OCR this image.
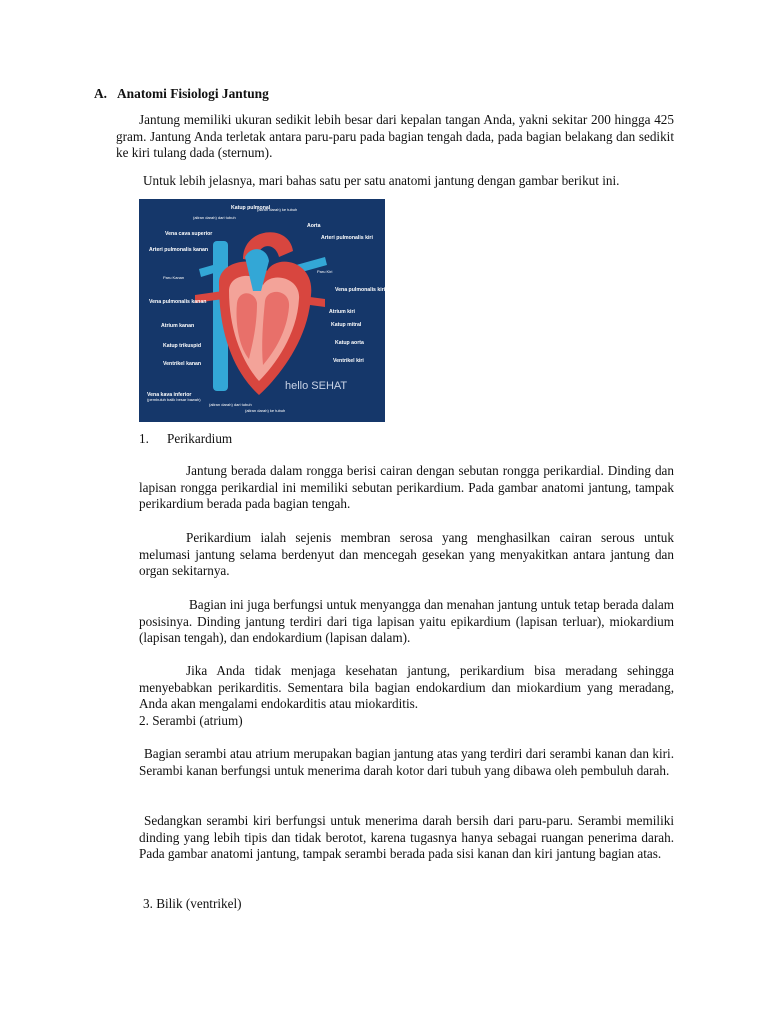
A. Anatomi Fisiologi Jantung

Jantung memiliki ukuran sedikit lebih besar dari kepalan tangan Anda, yakni sekitar 200 hingga 425 gram. Jantung Anda terletak antara paru-paru pada bagian tengah dada, pada bagian belakang dan sedikit ke kiri tulang dada (sternum).

Untuk lebih jelasnya, mari bahas satu per satu anatomi jantung dengan gambar berikut ini.

Katup pulmonal
(aliran darah) ke tubuh
(aliran darah) dari tubuh
Vena cava superior
Aorta
Arteri pulmonalis kanan
Arteri pulmonalis kiri
Paru Kanan
Paru Kiri
Vena pulmonalis kanan
Vena pulmonalis kiri
Atrium kiri
Atrium kanan	Katup mitral
Katup trikuspid	Katup aorta
Ventrikel kiri
Ventrikel kanan
Vena kava inferior
(pembuluh balik besar bawah)
(aliran darah) dari tubuh
(aliran darah) ke tubuh
hello SEHAT
1. Perikardium

Jantung berada dalam rongga berisi cairan dengan sebutan rongga perikardial. Dinding dan lapisan rongga perikardial ini memiliki sebutan perikardium. Pada gambar anatomi jantung, tampak perikardium berada pada bagian tengah.

Perikardium ialah sejenis membran serosa yang menghasilkan cairan serous untuk melumasi jantung selama berdenyut dan mencegah gesekan yang menyakitkan antara jantung dan organ sekitarnya.

Bagian ini juga berfungsi untuk menyangga dan menahan jantung untuk tetap berada dalam posisinya. Dinding jantung terdiri dari tiga lapisan yaitu epikardium (lapisan terluar), miokardium (lapisan tengah), dan endokardium (lapisan dalam).

Jika Anda tidak menjaga kesehatan jantung, perikardium bisa meradang sehingga menyebabkan perikarditis. Sementara bila bagian endokardium dan miokardium yang meradang, Anda akan mengalami endokarditis atau miokarditis.

2. Serambi (atrium)

Bagian serambi atau atrium merupakan bagian jantung atas yang terdiri dari serambi kanan dan kiri. Serambi kanan berfungsi untuk menerima darah kotor dari tubuh yang dibawa oleh pembuluh darah.

Sedangkan serambi kiri berfungsi untuk menerima darah bersih dari paru-paru. Serambi memiliki dinding yang lebih tipis dan tidak berotot, karena tugasnya hanya sebagai ruangan penerima darah. Pada gambar anatomi jantung, tampak serambi berada pada sisi kanan dan kiri jantung bagian atas.

3. Bilik (ventrikel)
